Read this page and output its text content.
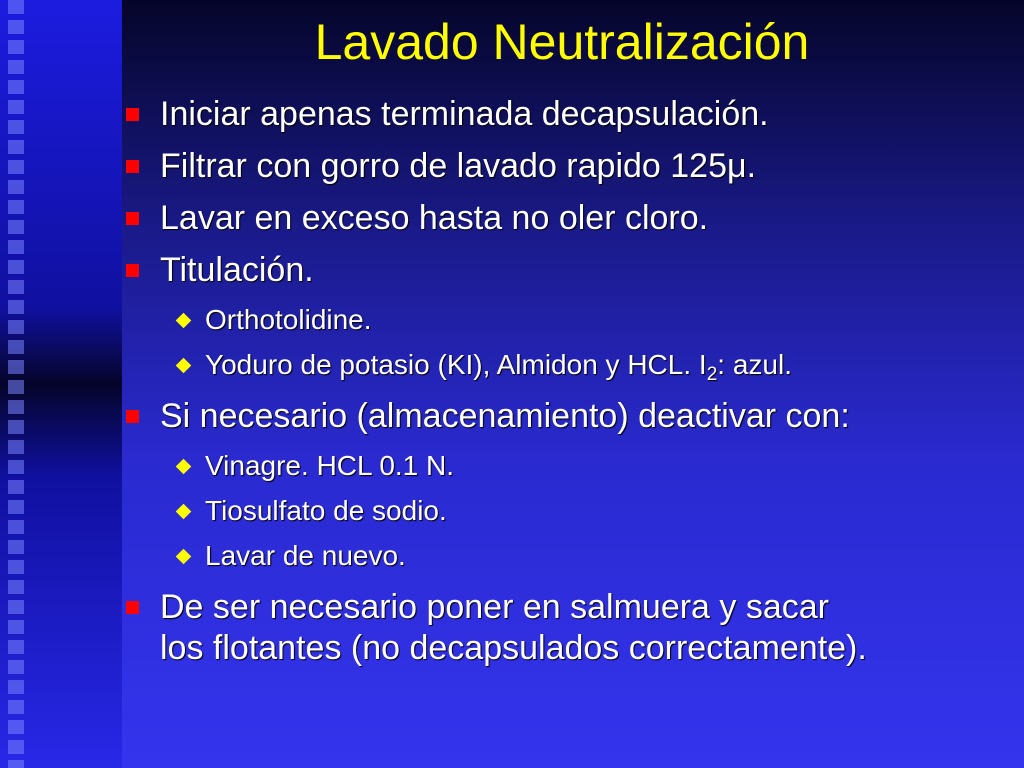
Lavado Neutralización
Iniciar apenas terminada decapsulación.
Filtrar con gorro de lavado rapido 125μ.
Lavar en exceso hasta no oler cloro.
Titulación.
Orthotolidine.
Yoduro de potasio (KI), Almidon y HCL. $I_2$: azul.
Si necesario (almacenamiento) deactivar con:
Vinagre. HCL 0.1 N.
Tiosulfato de sodio.
Lavar de nuevo.
De ser necesario poner en salmuera y sacar
los flotantes (no decapsulados correctamente).
